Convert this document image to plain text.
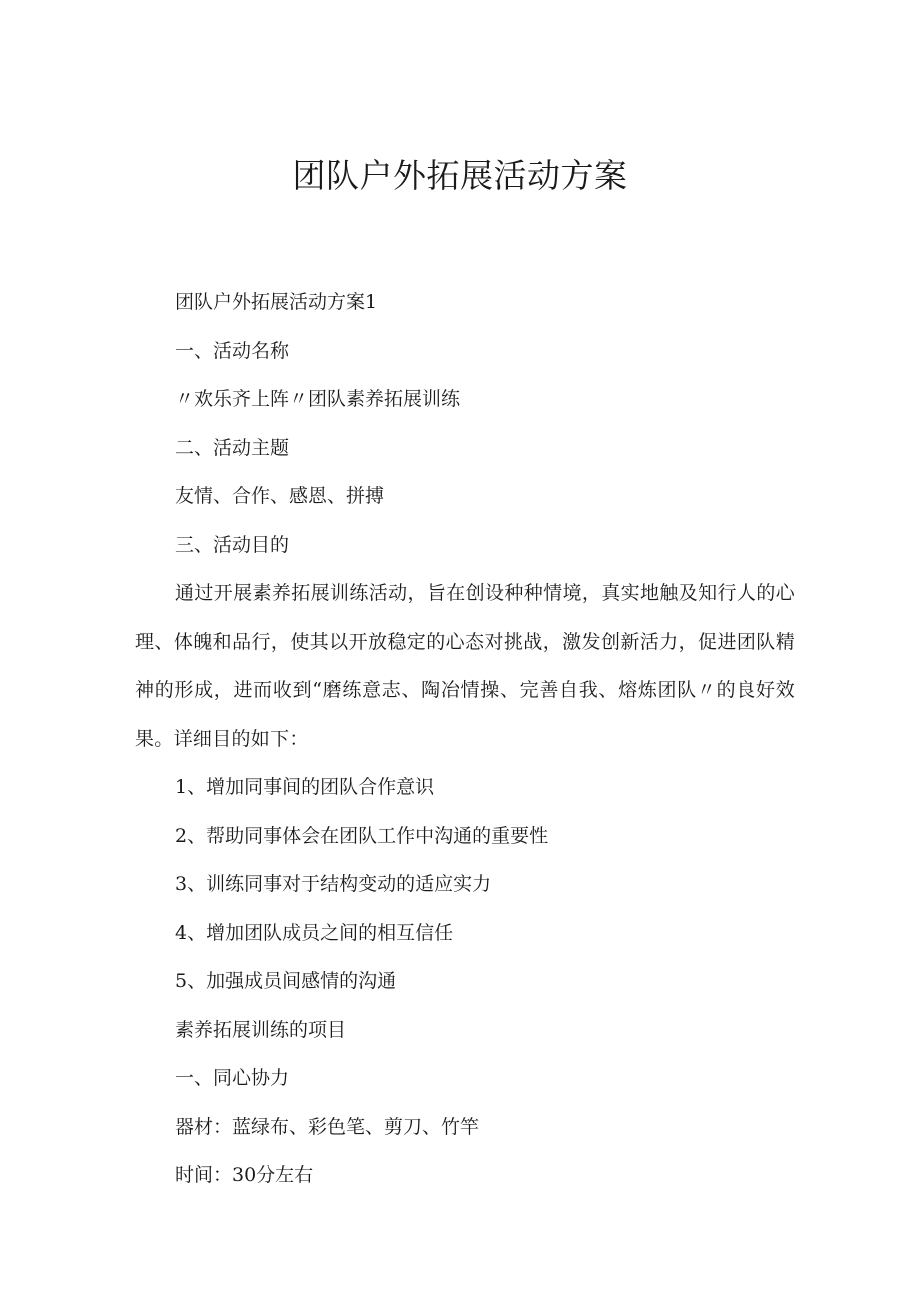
团队户外拓展活动方案

团队户外拓展活动方案1

一、活动名称

〃欢乐齐上阵〃团队素养拓展训练

二、活动主题

友情、合作、感恩、拼搏

三、活动目的

通过开展素养拓展训练活动，旨在创设种种情境，真实地触及知行人的心理、体魄和品行，使其以开放稳定的心态对挑战，激发创新活力，促进团队精神的形成，进而收到“磨练意志、陶冶情操、完善自我、熔炼团队〃的良好效果。详细目的如下：

1、增加同事间的团队合作意识

2、帮助同事体会在团队工作中沟通的重要性

3、训练同事对于结构变动的适应实力

4、增加团队成员之间的相互信任

5、加强成员间感情的沟通

素养拓展训练的项目

一、同心协力

器材：蓝绿布、彩色笔、剪刀、竹竿

时间：30分左右
